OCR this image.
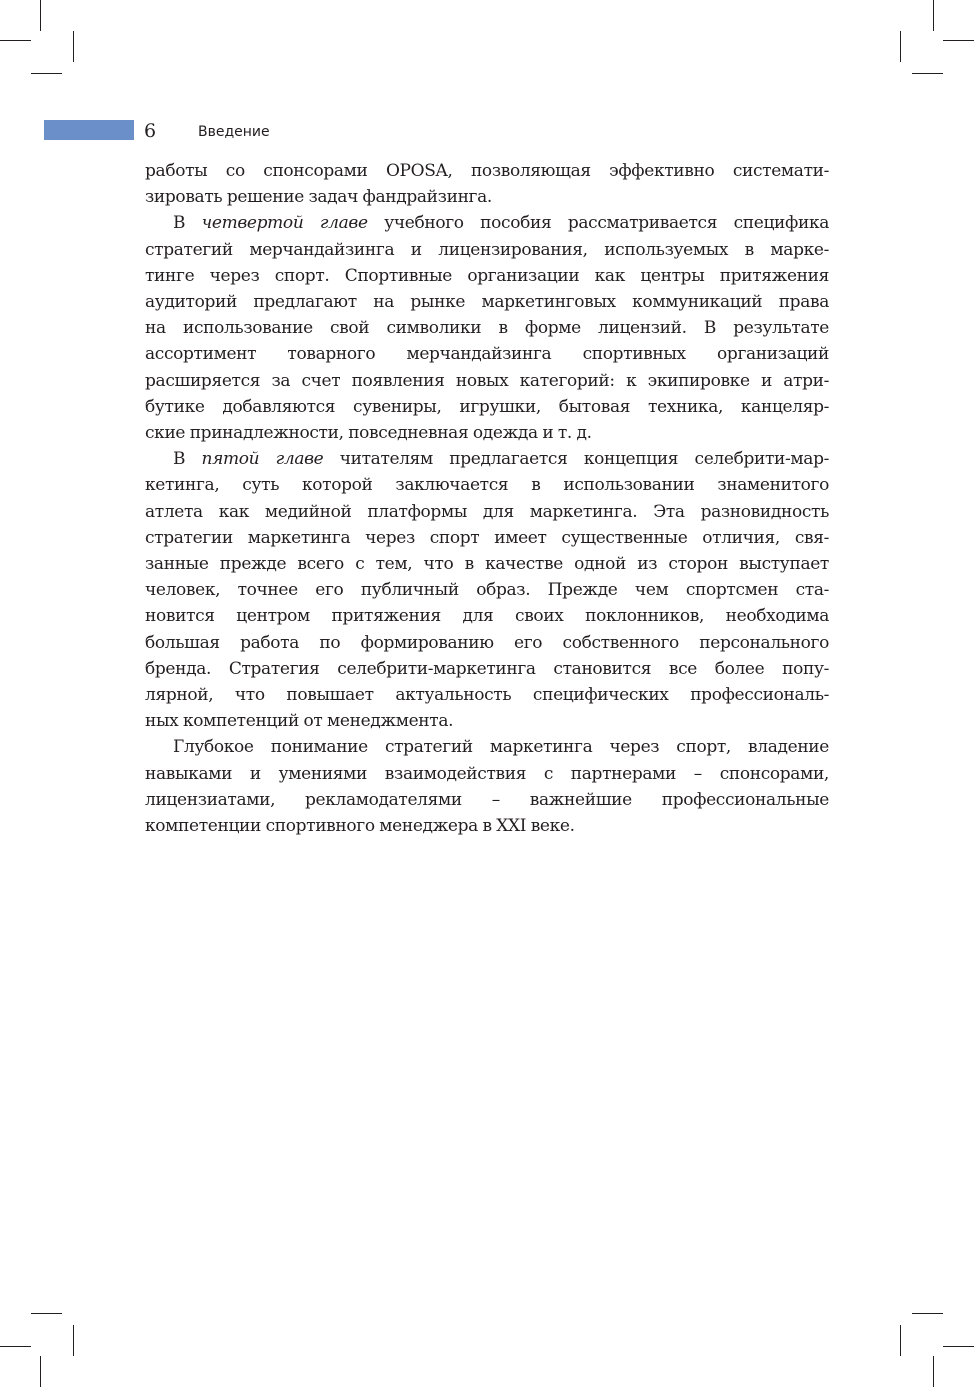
6	Введение

работы со спонсорами OPOSA, позволяющая эффективно системати-
зировать решение задач фандрайзинга.

В четвертой главе учебного пособия рассматривается специфика
стратегий мерчандайзинга и лицензирования, используемых в марке-
тинге через спорт. Спортивные организации как центры притяжения
аудиторий предлагают на рынке маркетинговых коммуникаций права
на использование свой символики в форме лицензий. В результате
ассортимент товарного мерчандайзинга спортивных организаций
расширяется за счет появления новых категорий: к экипировке и атри-
бутике добавляются сувениры, игрушки, бытовая техника, канцеляр-
ские принадлежности, повседневная одежда и т. д.

В пятой главе читателям предлагается концепция селебрити-мар-
кетинга, суть которой заключается в использовании знаменитого
атлета как медийной платформы для маркетинга. Эта разновидность
стратегии маркетинга через спорт имеет существенные отличия, свя-
занные прежде всего с тем, что в качестве одной из сторон выступает
человек, точнее его публичный образ. Прежде чем спортсмен ста-
новится центром притяжения для своих поклонников, необходима
большая работа по формированию его собственного персонального
бренда. Стратегия селебрити-маркетинга становится все более попу-
лярной, что повышает актуальность специфических профессиональ-
ных компетенций от менеджмента.

Глубокое понимание стратегий маркетинга через спорт, владение
навыками и умениями взаимодействия с партнерами – спонсорами,
лицензиатами, рекламодателями – важнейшие профессиональные
компетенции спортивного менеджера в XXI веке.
